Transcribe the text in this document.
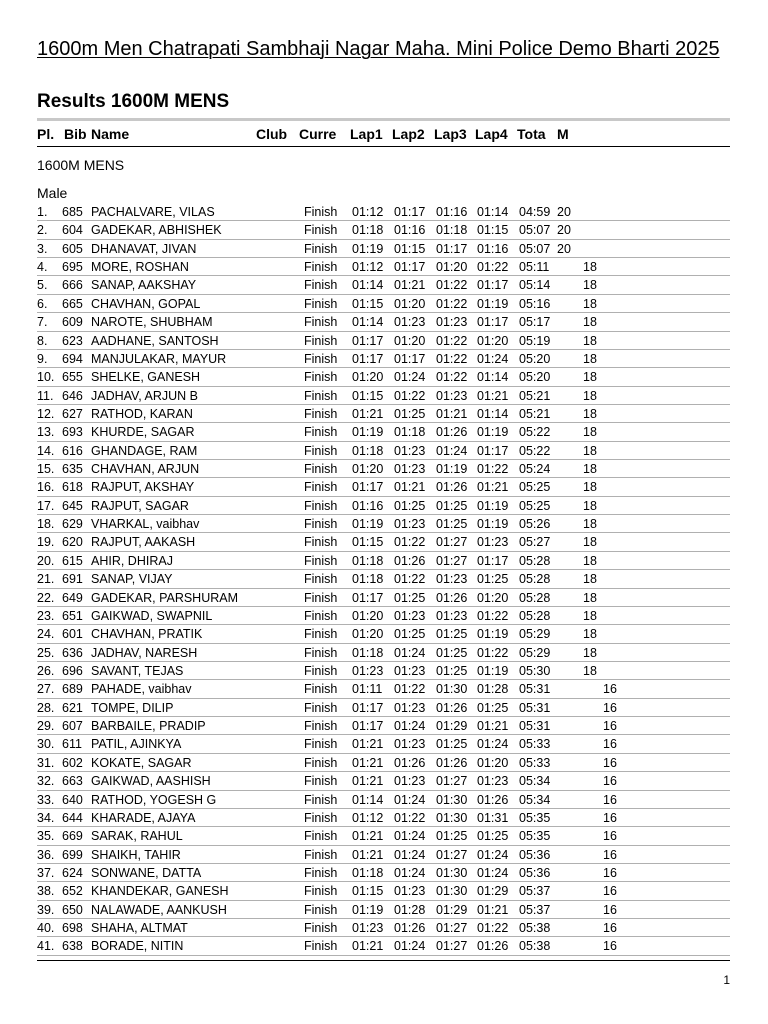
1600m Men Chatrapati Sambhaji Nagar Maha. Mini Police Demo Bharti 2025
Results 1600M MENS
Pl. Bib Name	Club Curre Lap1 Lap2 Lap3 Lap4 Tota M
1600M MENS
Male
1. 685 PACHALVARE, VILAS	Finish 01:12 01:17 01:16 01:14 04:59 20
2. 604 GADEKAR, ABHISHEK	Finish 01:18 01:16 01:18 01:15 05:07 20
3. 605 DHANAVAT, JIVAN	Finish 01:19 01:15 01:17 01:16 05:07 20
4. 695 MORE, ROSHAN	Finish 01:12 01:17 01:20 01:22 05:11	18
5. 666 SANAP, AAKSHAY	Finish 01:14 01:21 01:22 01:17 05:14	18
6. 665 CHAVHAN, GOPAL	Finish 01:15 01:20 01:22 01:19 05:16	18
7. 609 NAROTE, SHUBHAM	Finish 01:14 01:23 01:23 01:17 05:17	18
8. 623 AADHANE, SANTOSH	Finish 01:17 01:20 01:22 01:20 05:19	18
9. 694 MANJULAKAR, MAYUR	Finish 01:17 01:17 01:22 01:24 05:20	18
10. 655 SHELKE, GANESH	Finish 01:20 01:24 01:22 01:14 05:20	18
11. 646 JADHAV, ARJUN B	Finish 01:15 01:22 01:23 01:21 05:21	18
12. 627 RATHOD, KARAN	Finish 01:21 01:25 01:21 01:14 05:21	18
13. 693 KHURDE, SAGAR	Finish 01:19 01:18 01:26 01:19 05:22	18
14. 616 GHANDAGE, RAM	Finish 01:18 01:23 01:24 01:17 05:22	18
15. 635 CHAVHAN, ARJUN	Finish 01:20 01:23 01:19 01:22 05:24	18
16. 618 RAJPUT, AKSHAY	Finish 01:17 01:21 01:26 01:21 05:25	18
17. 645 RAJPUT, SAGAR	Finish 01:16 01:25 01:25 01:19 05:25	18
18. 629 VHARKAL, vaibhav	Finish 01:19 01:23 01:25 01:19 05:26	18
19. 620 RAJPUT, AAKASH	Finish 01:15 01:22 01:27 01:23 05:27	18
20. 615 AHIR, DHIRAJ	Finish 01:18 01:26 01:27 01:17 05:28	18
21. 691 SANAP, VIJAY	Finish 01:18 01:22 01:23 01:25 05:28	18
22. 649 GADEKAR, PARSHURAM	Finish 01:17 01:25 01:26 01:20 05:28	18
23. 651 GAIKWAD, SWAPNIL	Finish 01:20 01:23 01:23 01:22 05:28	18
24. 601 CHAVHAN, PRATIK	Finish 01:20 01:25 01:25 01:19 05:29	18
25. 636 JADHAV, NARESH	Finish 01:18 01:24 01:25 01:22 05:29	18
26. 696 SAVANT, TEJAS	Finish 01:23 01:23 01:25 01:19 05:30	18
27. 689 PAHADE, vaibhav	Finish 01:11 01:22 01:30 01:28 05:31	16
28. 621 TOMPE, DILIP	Finish 01:17 01:23 01:26 01:25 05:31	16
29. 607 BARBAILE, PRADIP	Finish 01:17 01:24 01:29 01:21 05:31	16
30. 611 PATIL, AJINKYA	Finish 01:21 01:23 01:25 01:24 05:33	16
31. 602 KOKATE, SAGAR	Finish 01:21 01:26 01:26 01:20 05:33	16
32. 663 GAIKWAD, AASHISH	Finish 01:21 01:23 01:27 01:23 05:34	16
33. 640 RATHOD, YOGESH G	Finish 01:14 01:24 01:30 01:26 05:34	16
34. 644 KHARADE, AJAYA	Finish 01:12 01:22 01:30 01:31 05:35	16
35. 669 SARAK, RAHUL	Finish 01:21 01:24 01:25 01:25 05:35	16
36. 699 SHAIKH, TAHIR	Finish 01:21 01:24 01:27 01:24 05:36	16
37. 624 SONWANE, DATTA	Finish 01:18 01:24 01:30 01:24 05:36	16
38. 652 KHANDEKAR, GANESH	Finish 01:15 01:23 01:30 01:29 05:37	16
39. 650 NALAWADE, AANKUSH	Finish 01:19 01:28 01:29 01:21 05:37	16
40. 698 SHAHA, ALTMAT	Finish 01:23 01:26 01:27 01:22 05:38	16
41. 638 BORADE, NITIN	Finish 01:21 01:24 01:27 01:26 05:38	16
1
